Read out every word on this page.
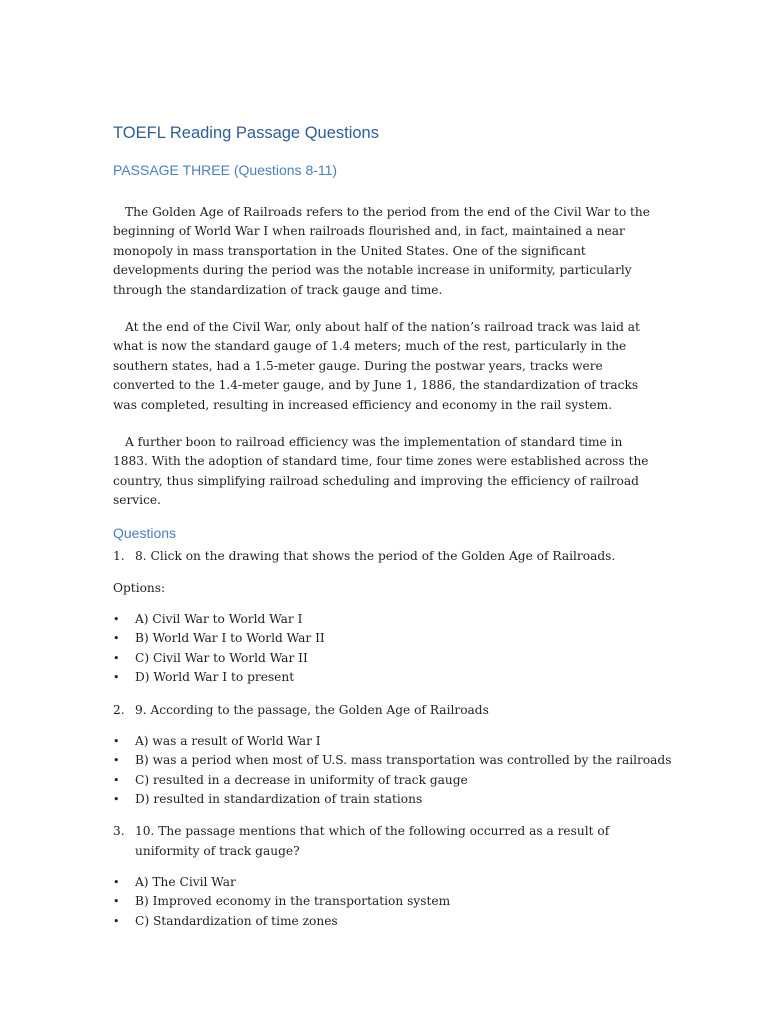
TOEFL Reading Passage Questions
PASSAGE THREE (Questions 8-11)

The Golden Age of Railroads refers to the period from the end of the Civil War to the beginning of World War I when railroads flourished and, in fact, maintained a near monopoly in mass transportation in the United States. One of the significant developments during the period was the notable increase in uniformity, particularly through the standardization of track gauge and time.

At the end of the Civil War, only about half of the nation’s railroad track was laid at what is now the standard gauge of 1.4 meters; much of the rest, particularly in the southern states, had a 1.5-meter gauge. During the postwar years, tracks were converted to the 1.4-meter gauge, and by June 1, 1886, the standardization of tracks was completed, resulting in increased efficiency and economy in the rail system.

A further boon to railroad efficiency was the implementation of standard time in 1883. With the adoption of standard time, four time zones were established across the country, thus simplifying railroad scheduling and improving the efficiency of railroad service.

Questions
1. 8. Click on the drawing that shows the period of the Golden Age of Railroads.
Options:
• A) Civil War to World War I
• B) World War I to World War II
• C) Civil War to World War II
• D) World War I to present
2. 9. According to the passage, the Golden Age of Railroads
• A) was a result of World War I
• B) was a period when most of U.S. mass transportation was controlled by the railroads
• C) resulted in a decrease in uniformity of track gauge
• D) resulted in standardization of train stations
3. 10. The passage mentions that which of the following occurred as a result of uniformity of track gauge?
• A) The Civil War
• B) Improved economy in the transportation system
• C) Standardization of time zones
